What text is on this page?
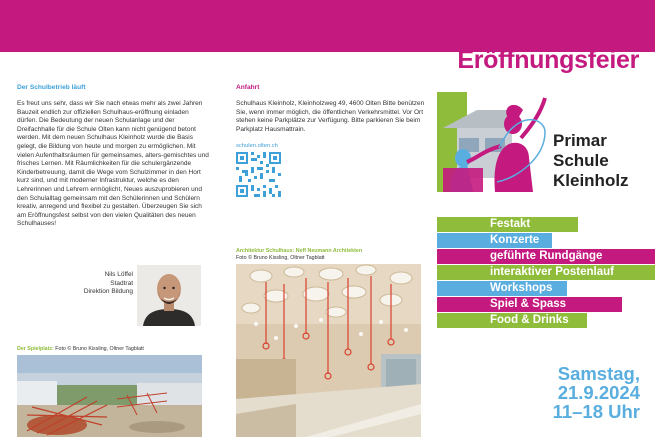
Der Schulbetrieb läuft
Es freut uns sehr, dass wir Sie nach etwas mehr als zwei Jahren Bauzeit endlich zur offiziellen Schulhaus-eröffnung einladen dürfen. Die Bedeutung der neuen Schulanlage und der Dreifachhalle für die Schule Olten kann nicht genügend betont werden. Mit dem neuen Schulhaus Kleinholz wurde die Basis gelegt, die Bildung von heute und morgen zu ermöglichen. Mit vielen Aufenthaltsräumen für gemeinsames, alters-gemischtes und frisches Lernen. Mit Räumlichkeiten für die schulergänzende Kinderbetreuung, damit die Wege vom Schulzimmer in den Hort kurz sind, und mit moderner Infrastruktur, welche es den Lehrerinnen und Lehrern ermöglicht, Neues auszuprobieren und den Schulalltag gemeinsam mit den Schülerinnen und Schülern kreativ, anregend und flexibel zu gestalten. Überzeugen Sie sich am Eröffnungsfest selbst von den vielen Qualitäten des neuen Schulhauses!
Nils Löffel
Stadtrat
Direktion Bildung
Der Spielplatz: Foto © Bruno Kissling, Oltner Tagblatt
Anfahrt
Schulhaus Kleinholz, Kleinholzweg 49, 4600 Olten Bitte benützen Sie, wenn immer möglich, die öffentlichen Verkehrsmittel. Vor Ort stehen keine Parkplätze zur Verfügung. Bitte parkieren Sie beim Parkplatz Hausmattrain.
schulen.olten.ch
Architektur Schulhaus: Neff Neumann Architekten
Foto © Bruno Kissling, Oltner Tagblatt
Eröffnungsfeier
Primar
Schule
Kleinholz
Festakt
Konzerte
geführte Rundgänge
interaktiver Postenlauf
Workshops
Spiel & Spass
Food & Drinks
Samstag,
21.9.2024
11–18 Uhr
